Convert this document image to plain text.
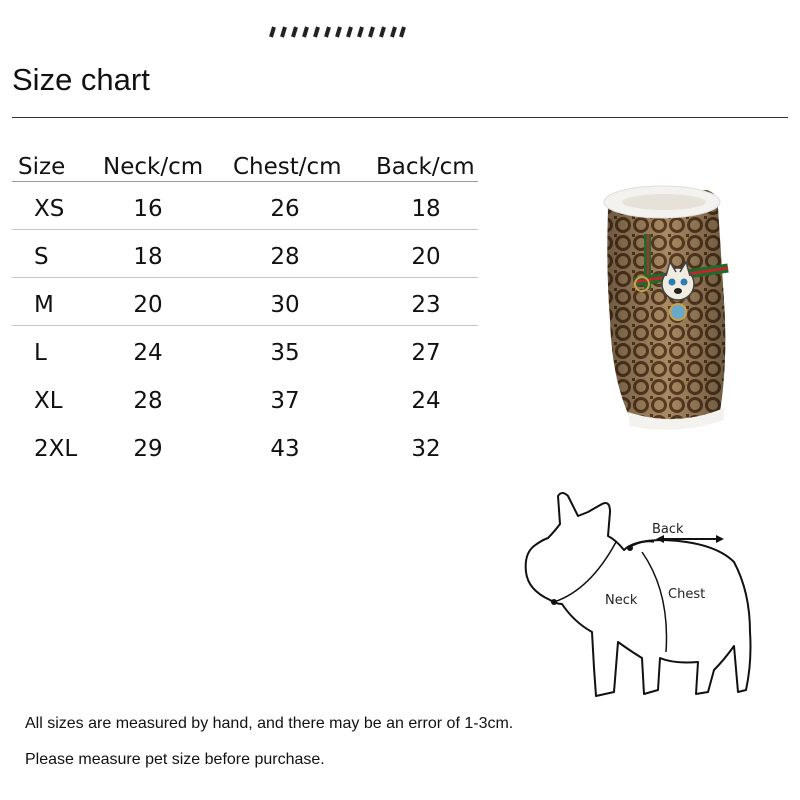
Size chart
Size Neck/cm Chest/cm Back/cm
XS	16	26	18
S	18	28	20
M	20	30	23
L	24	35	27
XL	28	37	24
2XL 29	43	32
Back
Neck Chest
All sizes are measured by hand, and there may be an error of 1-3cm.
Please measure pet size before purchase.
